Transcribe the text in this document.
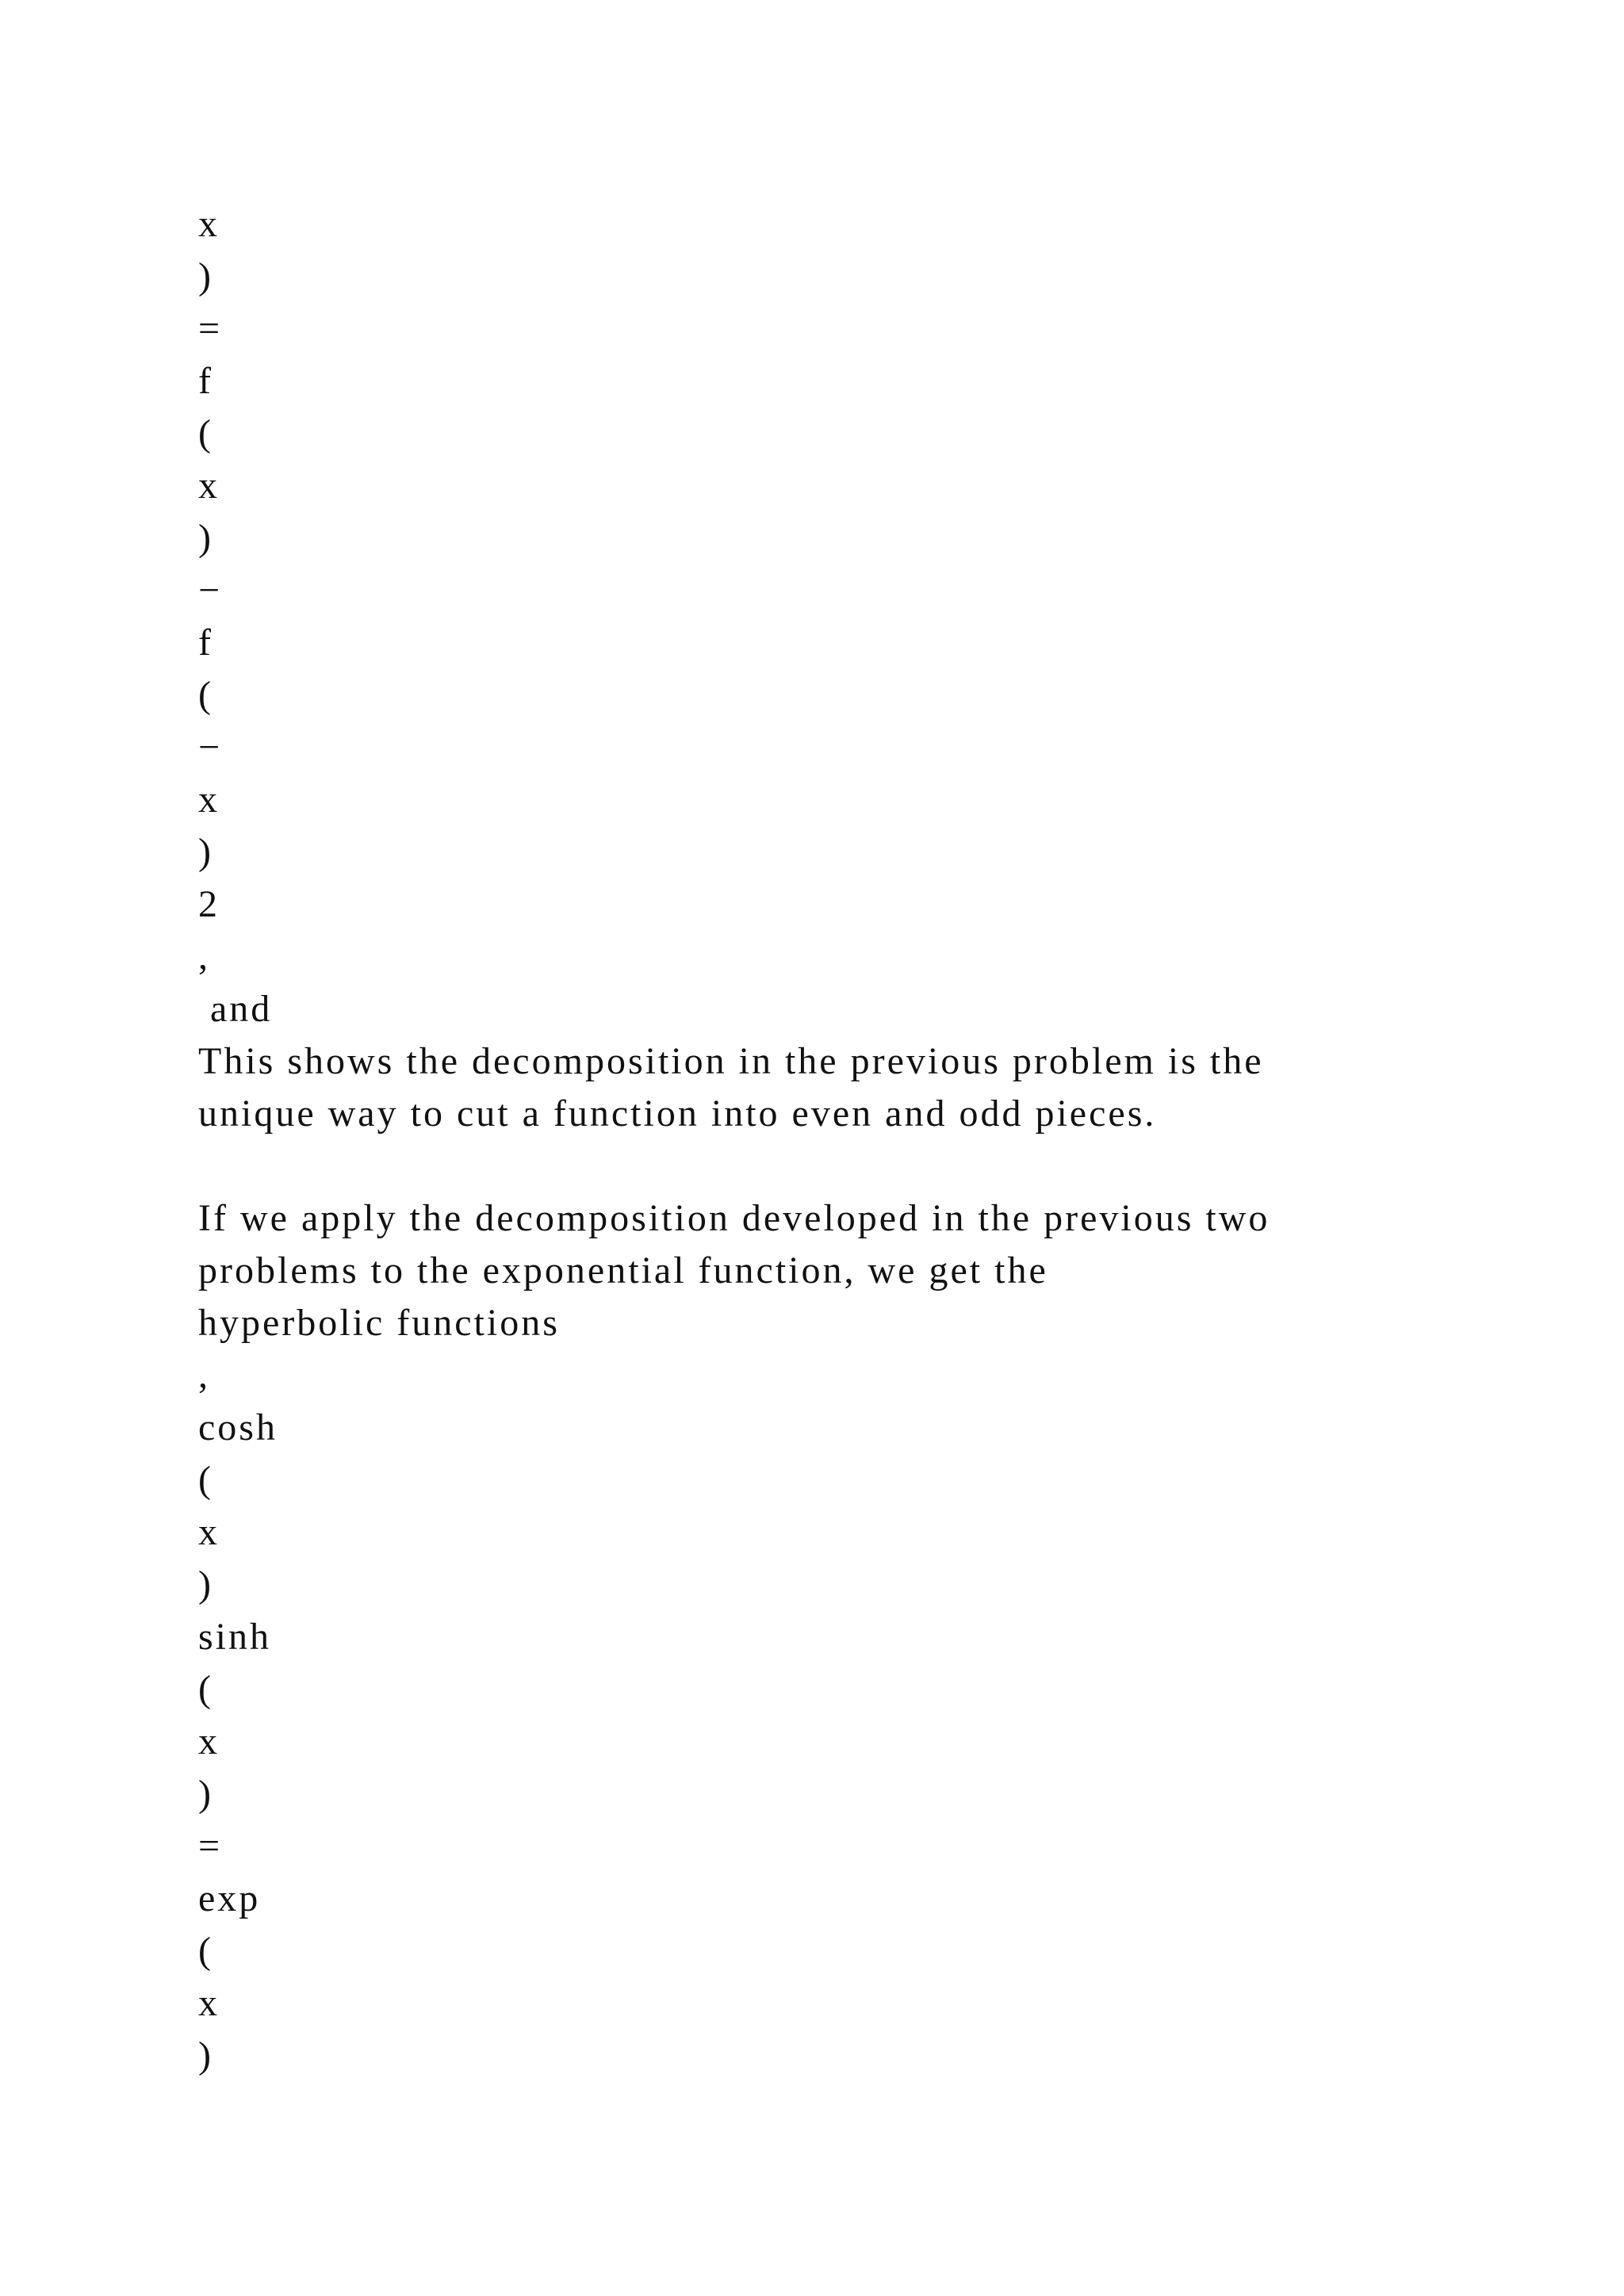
x
)
=
f
(
x
)
−
f
(
−
x
)
2
,
and
This shows the decomposition in the previous problem is the
unique way to cut a function into even and odd pieces.
If we apply the decomposition developed in the previous two
problems to the exponential function, we get the
hyperbolic functions
,
cosh
(
x
)
sinh
(
x
)
=
exp
(
x
)
